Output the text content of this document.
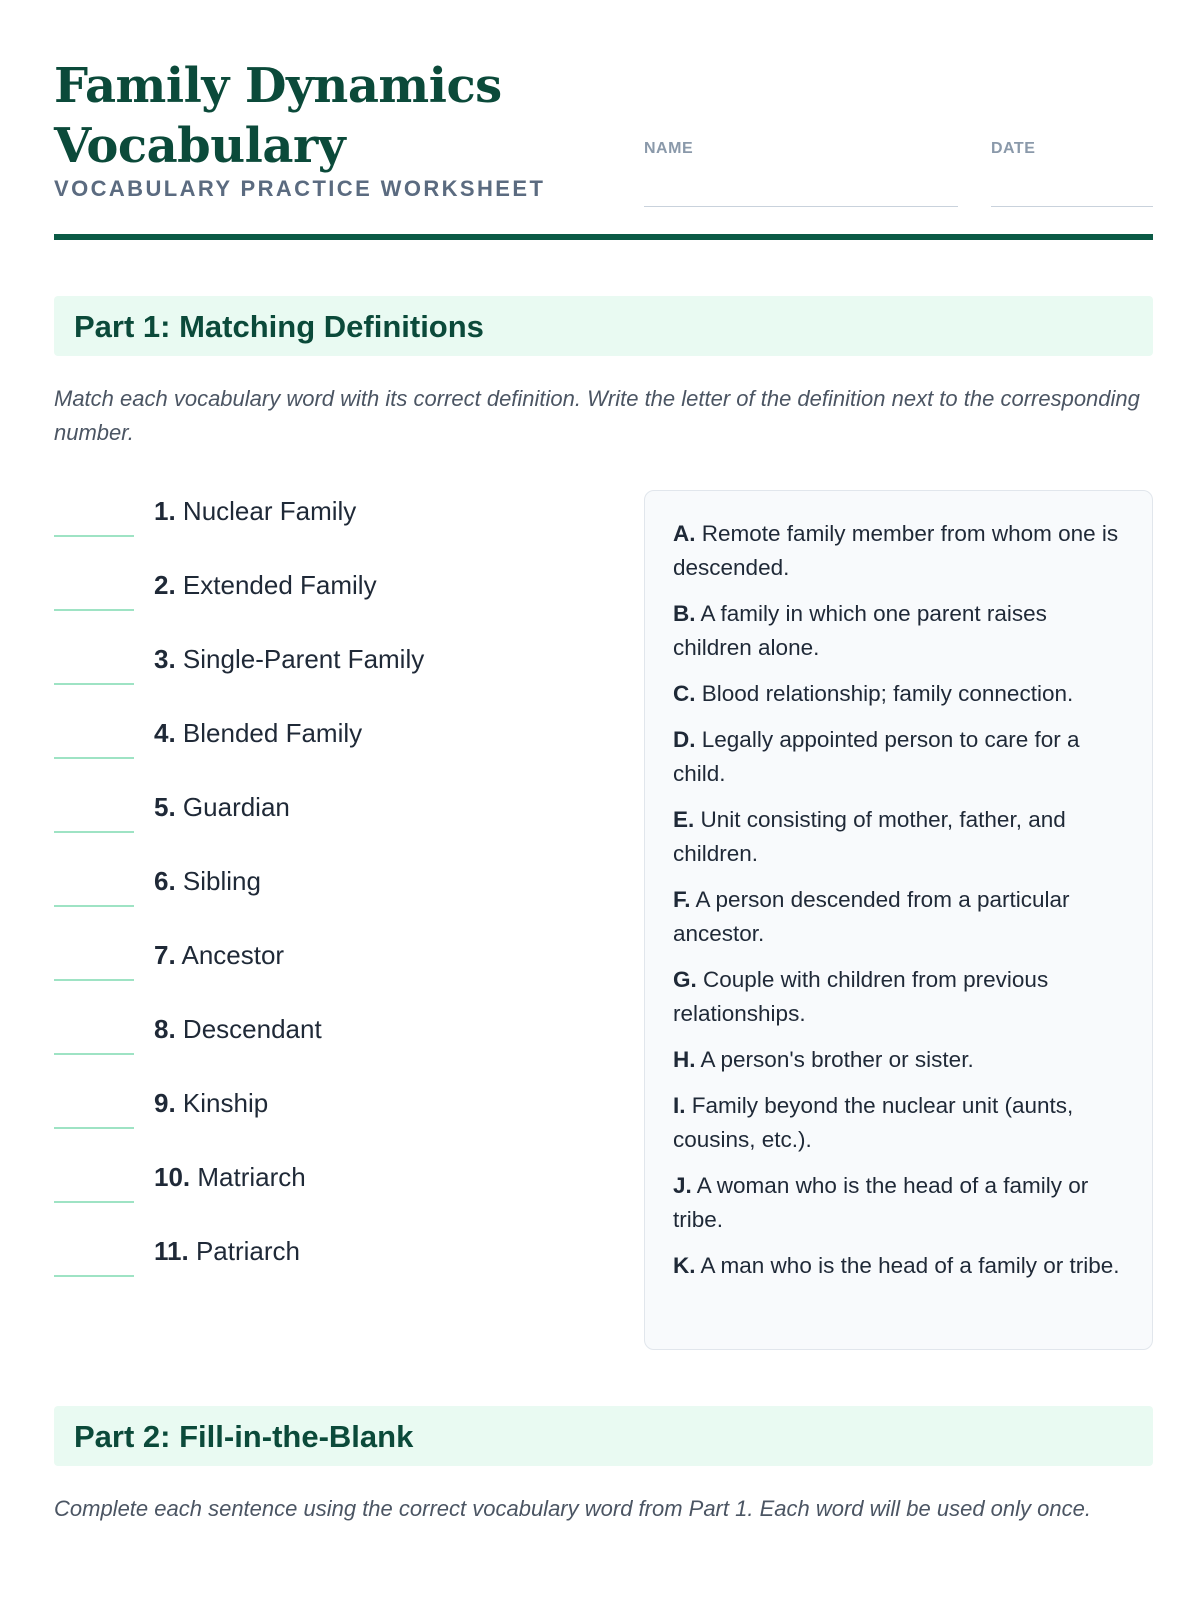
Family Dynamics Vocabulary
VOCABULARY PRACTICE WORKSHEET
NAME	DATE
Part 1: Matching Definitions
Match each vocabulary word with its correct definition. Write the letter of the definition next to the corresponding number.
1. Nuclear Family
2. Extended Family
3. Single-Parent Family
4. Blended Family
5. Guardian
6. Sibling
7. Ancestor
8. Descendant
9. Kinship
10. Matriarch
11. Patriarch
A. Remote family member from whom one is descended.
B. A family in which one parent raises children alone.
C. Blood relationship; family connection.
D. Legally appointed person to care for a child.
E. Unit consisting of mother, father, and children.
F. A person descended from a particular ancestor.
G. Couple with children from previous relationships.
H. A person's brother or sister.
I. Family beyond the nuclear unit (aunts, cousins, etc.).
J. A woman who is the head of a family or tribe.
K. A man who is the head of a family or tribe.
Part 2: Fill-in-the-Blank
Complete each sentence using the correct vocabulary word from Part 1. Each word will be used only once.
